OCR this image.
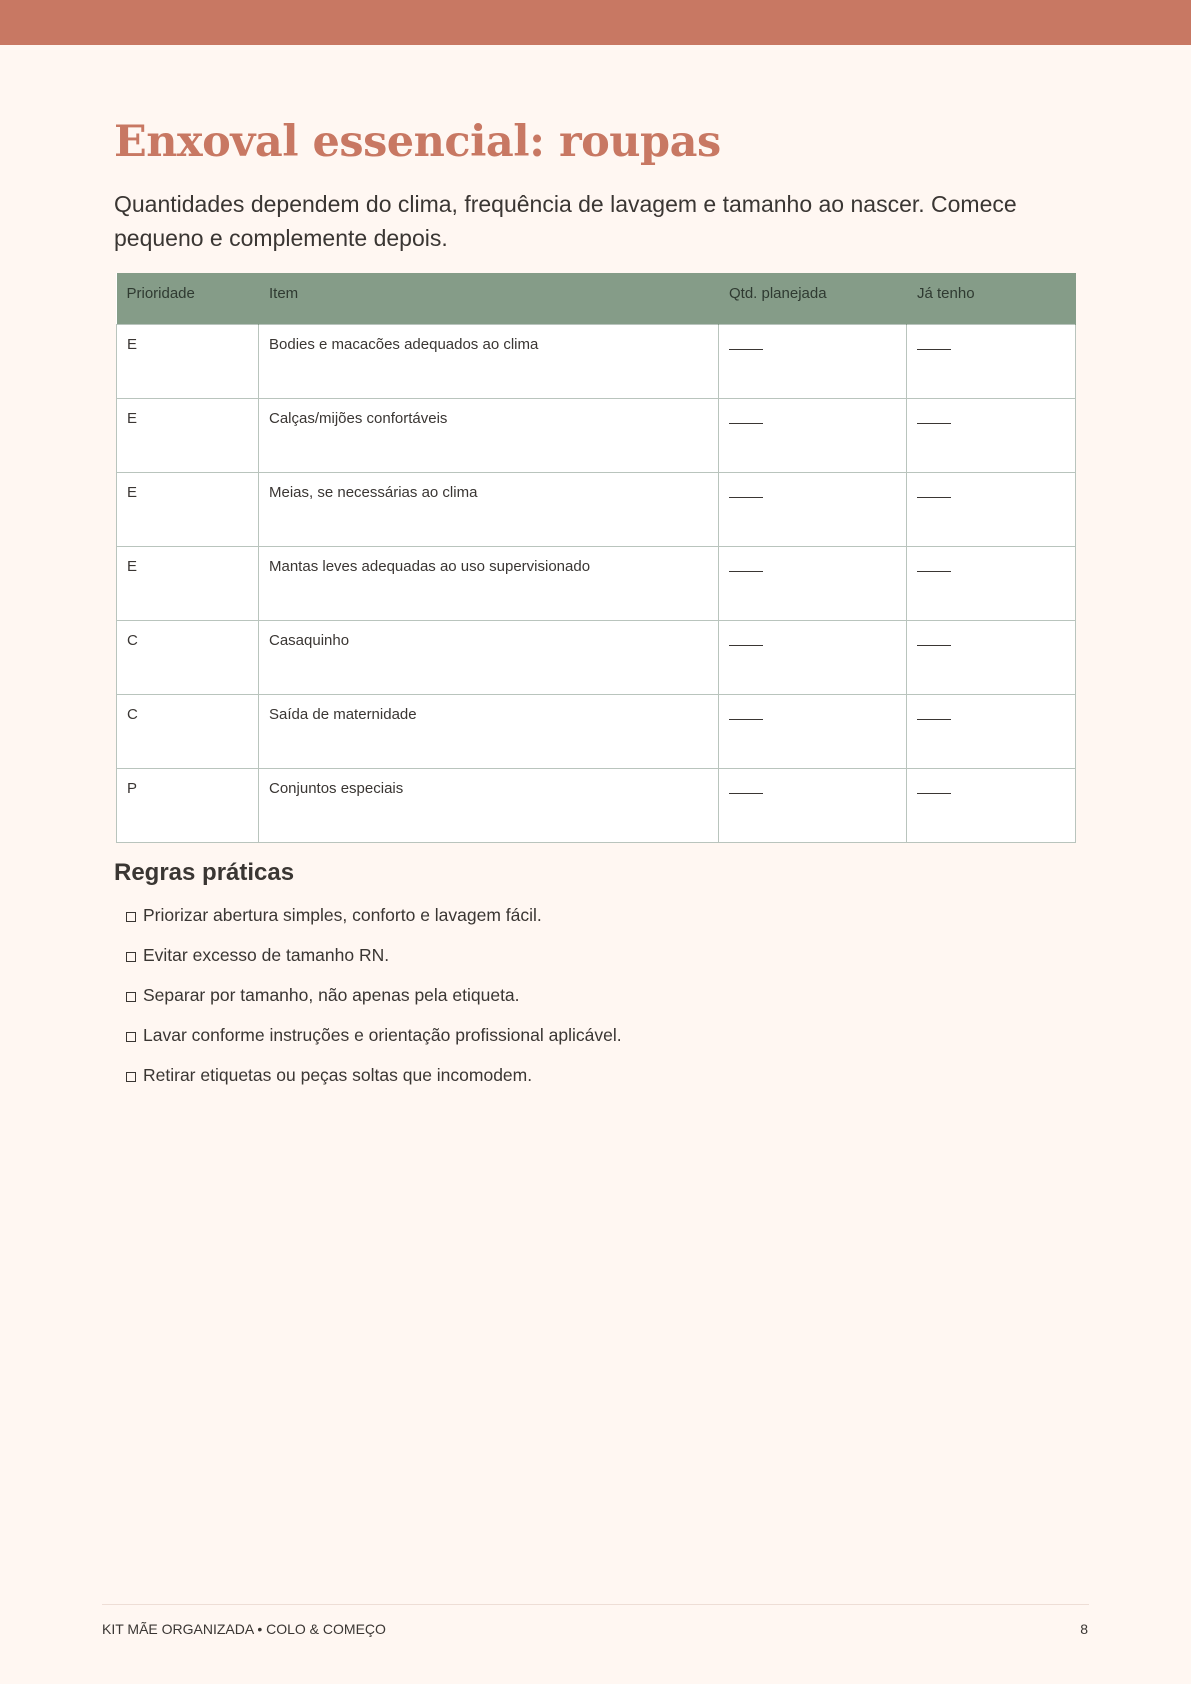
Enxoval essencial: roupas

Quantidades dependem do clima, frequência de lavagem e tamanho ao nascer. Comece pequeno e complemente depois.

Prioridade	Item	Qtd. planejada	Já tenho
E	Bodies e macacões adequados ao clima		
E	Calças/mijões confortáveis		
E	Meias, se necessárias ao clima		
E	Mantas leves adequadas ao uso supervisionado		
C	Casaquinho		
C	Saída de maternidade		
P	Conjuntos especiais		
Regras práticas
Priorizar abertura simples, conforto e lavagem fácil.
Evitar excesso de tamanho RN.
Separar por tamanho, não apenas pela etiqueta.
Lavar conforme instruções e orientação profissional aplicável.
Retirar etiquetas ou peças soltas que incomodem.
KIT MÃE ORGANIZADA • COLO & COMEÇO	8
